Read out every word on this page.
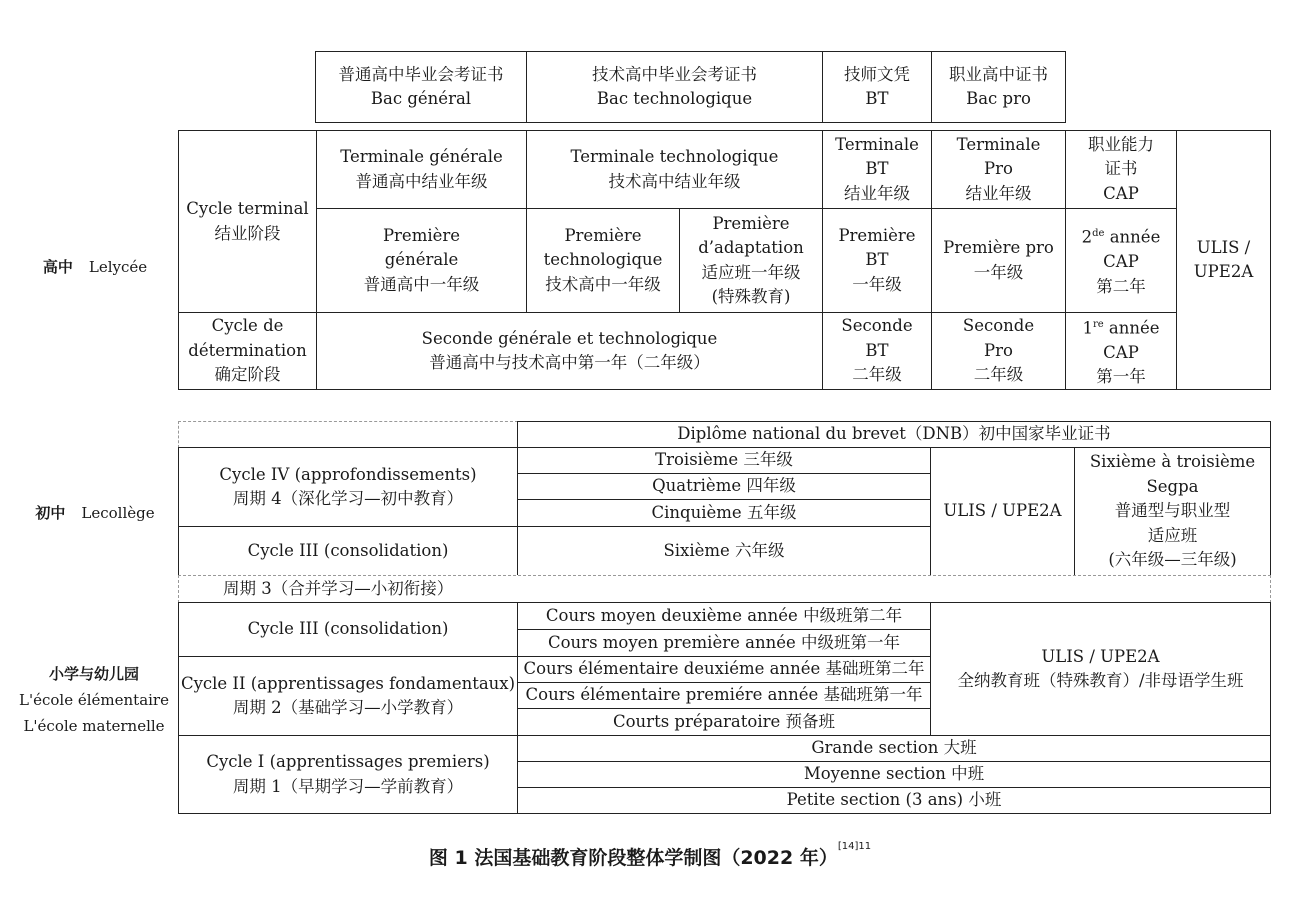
普通高中毕业会考证书
Bac général
技术高中毕业会考证书
Bac technologique
技师文凭
BT
职业高中证书
Bac pro
高中 Lelycée
Cycle terminal
结业阶段
Cycle de
détermination
确定阶段
Terminale générale
普通高中结业年级
Terminale technologique
技术高中结业年级
Terminale
BT
结业年级
Terminale
Pro
结业年级
职业能力
证书
CAP
ULIS /
UPE2A
Première
générale
普通高中一年级
Première
technologique
技术高中一年级
Première
d’adaptation
适应班一年级
(特殊教育)
Première
BT
一年级
Première pro
一年级
2de année
CAP
第二年
Seconde générale et technologique
普通高中与技术高中第一年（二年级）
Seconde
BT
二年级
Seconde
Pro
二年级
1re année
CAP
第一年
初中 Lecollège
Diplôme national du brevet（DNB）初中国家毕业证书
Cycle IV (approfondissements)
周期 4（深化学习—初中教育）
Troisième 三年级
Quatrième 四年级
Cinquième 五年级
Cycle III (consolidation)	Sixième 六年级
ULIS / UPE2A
Sixième à troisième
Segpa
普通型与职业型
适应班
(六年级—三年级)
周期 3（合并学习—小初衔接）
小学与幼儿园
L'école élémentaire
L'école maternelle
Cycle III (consolidation)
Cycle II (apprentissages fondamentaux)
周期 2（基础学习—小学教育）
Cycle I (apprentissages premiers)
周期 1（早期学习—学前教育）
Cours moyen deuxième année 中级班第二年
Cours moyen première année 中级班第一年
Cours élémentaire deuxiéme année 基础班第二年
Cours élémentaire premiére année 基础班第一年
Courts préparatoire 预备班
ULIS / UPE2A
全纳教育班（特殊教育）/非母语学生班
Grande section 大班
Moyenne section 中班
Petite section (3 ans) 小班
图 1 法国基础教育阶段整体学制图（2022 年）$^{[14]11}$
